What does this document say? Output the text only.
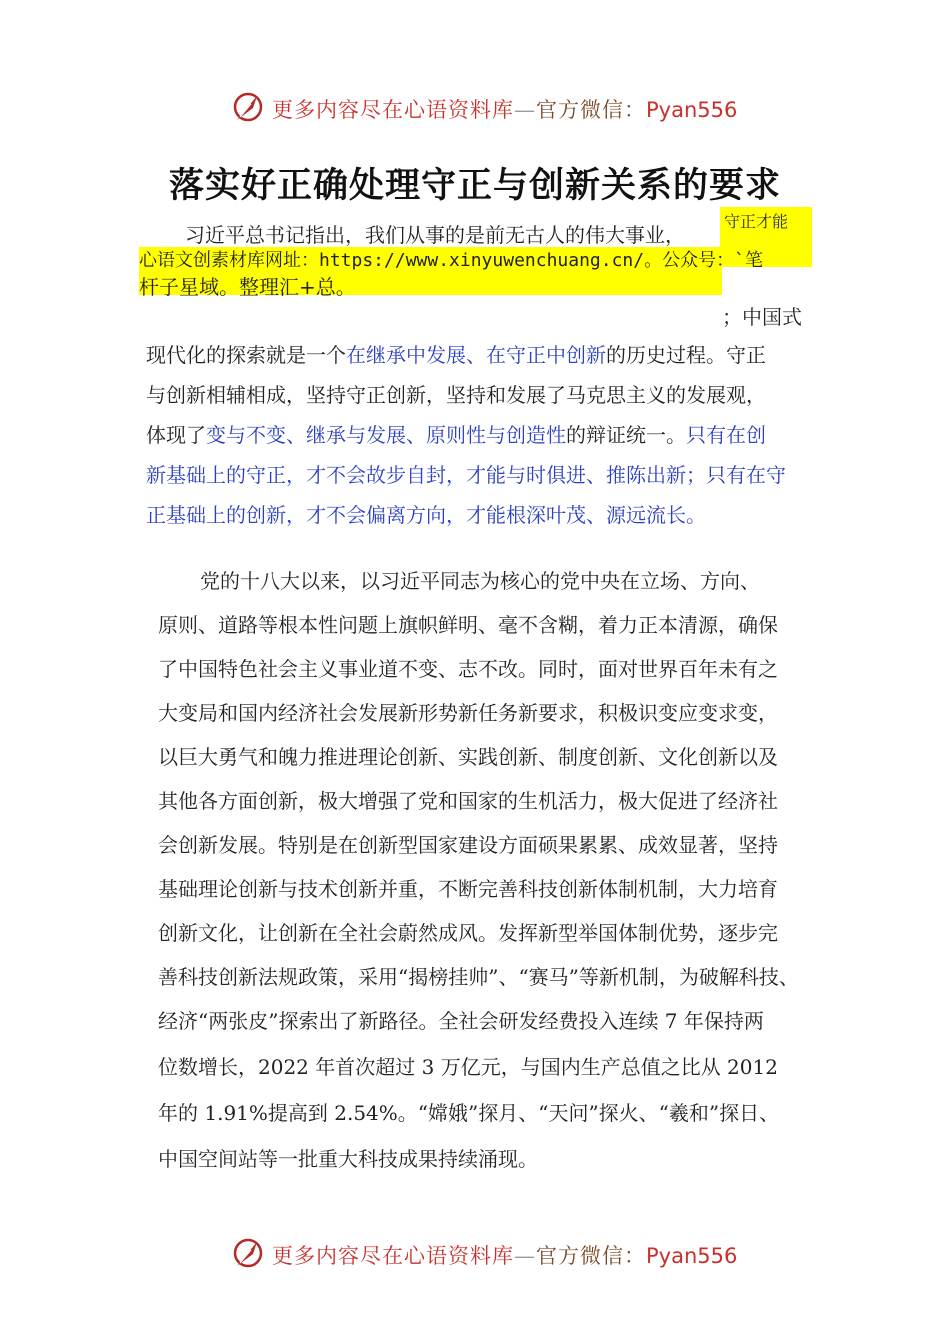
更多内容尽在心语资料库—官方微信：Pyan556
落实好正确处理守正与创新关系的要求
习近平总书记指出，我们从事的是前无古人的伟大事业，
守正才能
心语文创素材库网址：https://www.xinyuwenchuang.cn/。公众号：`笔
杆子星域。整理汇+总。
；中国式
现代化的探索就是一个在继承中发展、在守正中创新的历史过程。守正
与创新相辅相成，坚持守正创新，坚持和发展了马克思主义的发展观，
体现了变与不变、继承与发展、原则性与创造性的辩证统一。只有在创
新基础上的守正，才不会故步自封，才能与时俱进、推陈出新；只有在守
正基础上的创新，才不会偏离方向，才能根深叶茂、源远流长。
党的十八大以来，以习近平同志为核心的党中央在立场、方向、
原则、道路等根本性问题上旗帜鲜明、毫不含糊，着力正本清源，确保
了中国特色社会主义事业道不变、志不改。同时，面对世界百年未有之
大变局和国内经济社会发展新形势新任务新要求，积极识变应变求变，
以巨大勇气和魄力推进理论创新、实践创新、制度创新、文化创新以及
其他各方面创新，极大增强了党和国家的生机活力，极大促进了经济社
会创新发展。特别是在创新型国家建设方面硕果累累、成效显著，坚持
基础理论创新与技术创新并重，不断完善科技创新体制机制，大力培育
创新文化，让创新在全社会蔚然成风。发挥新型举国体制优势，逐步完
善科技创新法规政策，采用“揭榜挂帅”、“赛马”等新机制，为破解科技、
经济“两张皮”探索出了新路径。全社会研发经费投入连续 7 年保持两
位数增长，2022 年首次超过 3 万亿元，与国内生产总值之比从 2012
年的 1.91%提高到 2.54%。“嫦娥”探月、“天问”探火、“羲和”探日、
中国空间站等一批重大科技成果持续涌现。
更多内容尽在心语资料库—官方微信：Pyan556
